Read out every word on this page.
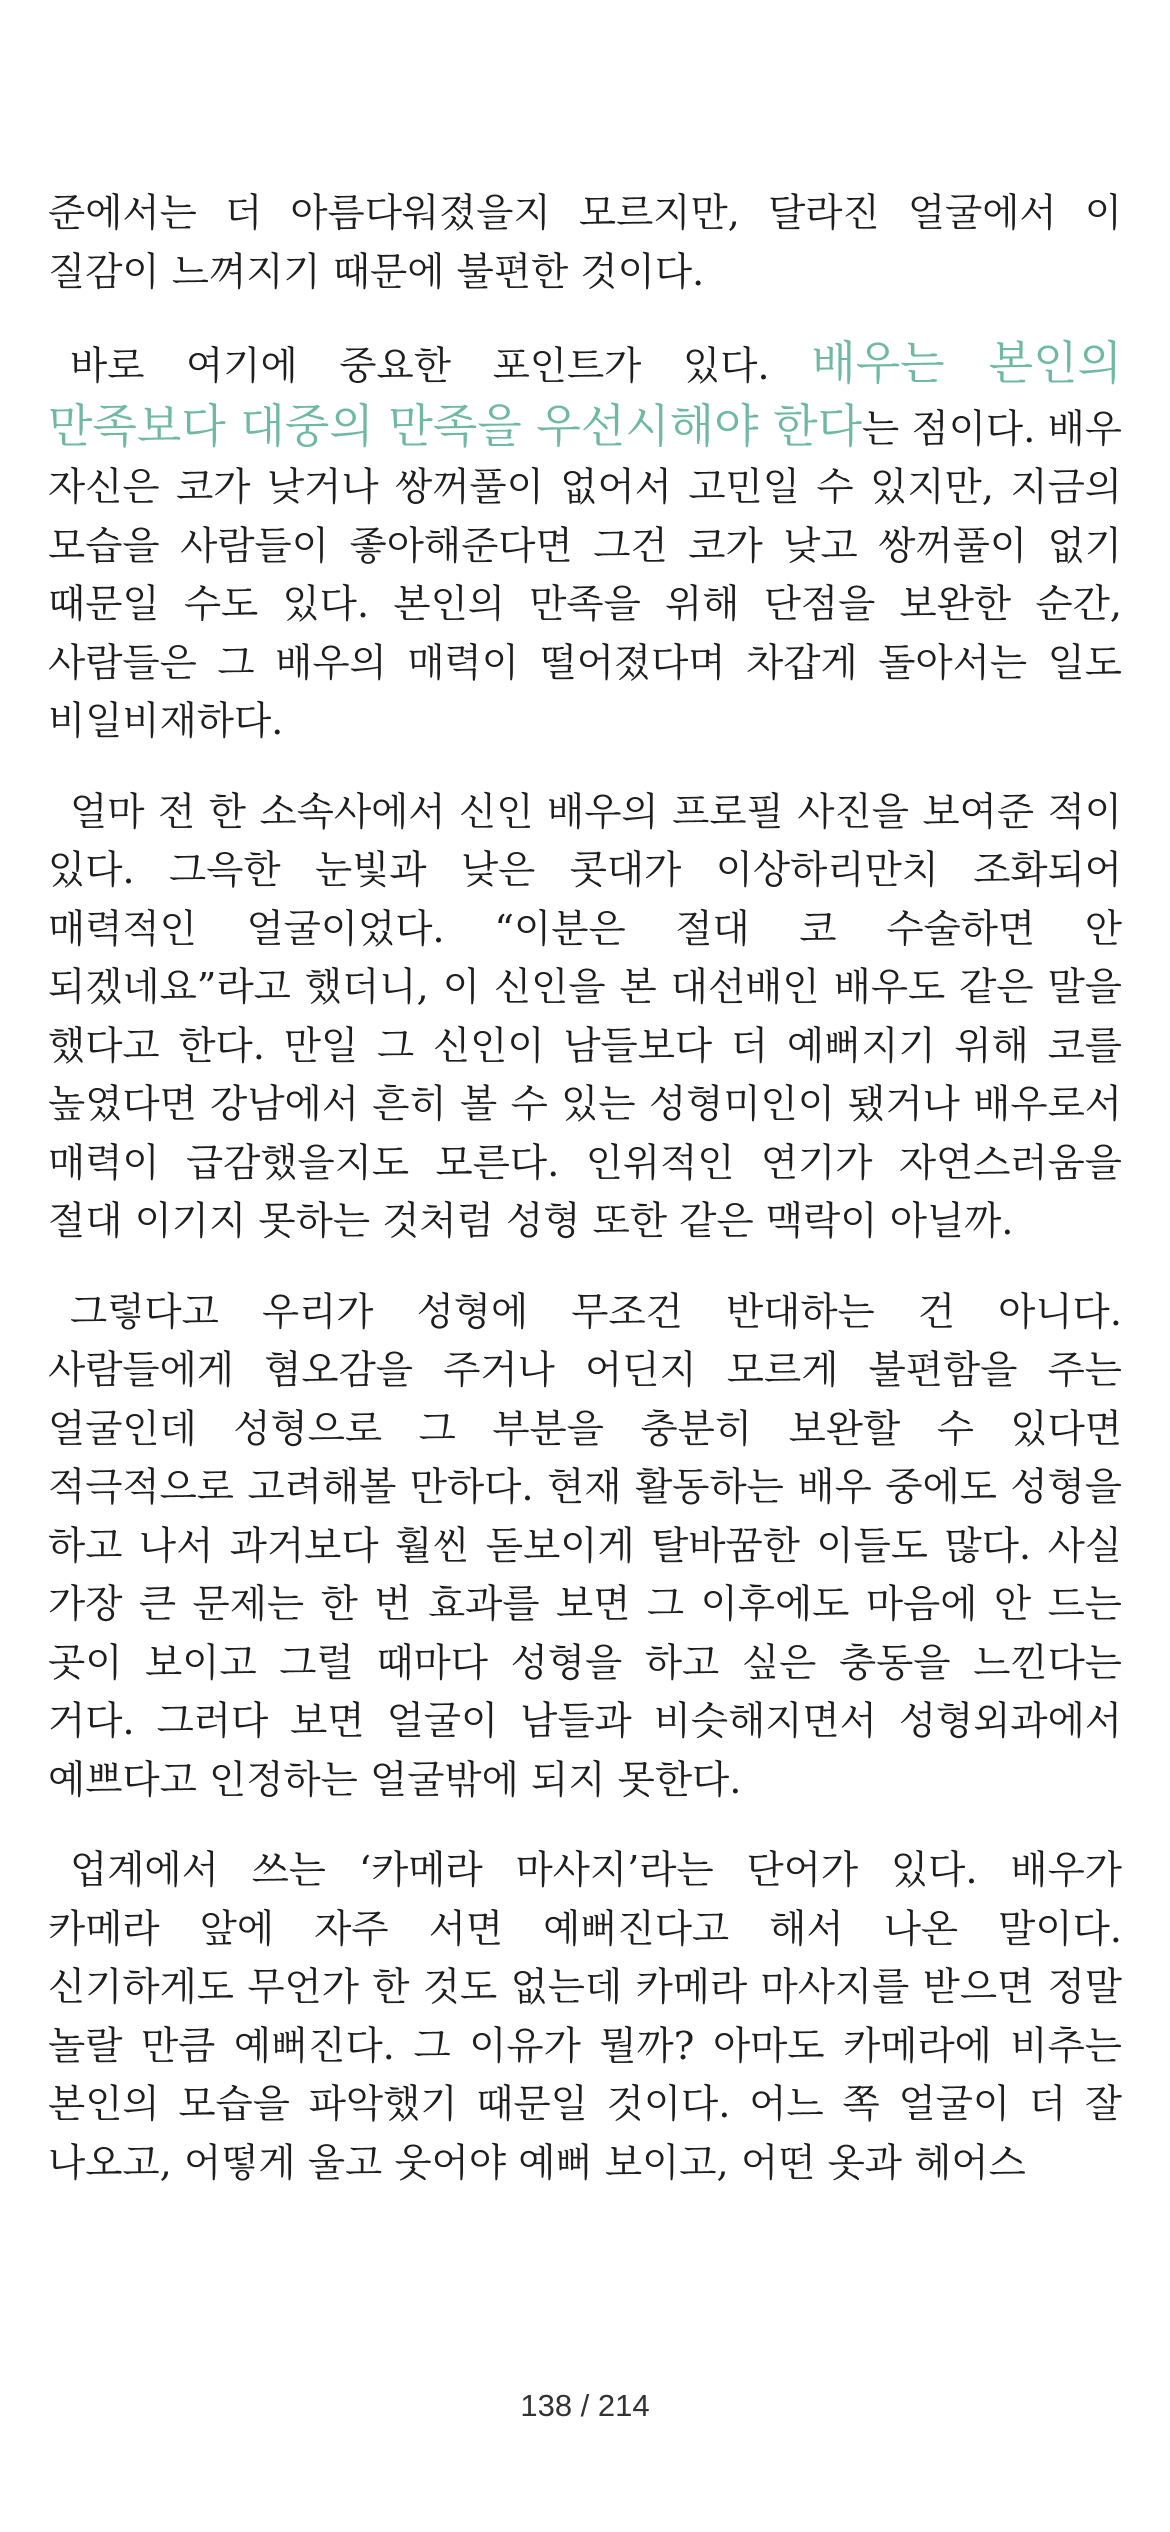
준에서는 더 아름다워졌을지 모르지만, 달라진 얼굴에서 이 질감이 느껴지기 때문에 불편한 것이다.

바로 여기에 중요한 포인트가 있다. 배우는 본인의 만족보다 대중의 만족을 우선시해야 한다는 점이다. 배우 자신은 코가 낮거나 쌍꺼풀이 없어서 고민일 수 있지만, 지금의 모습을 사람들이 좋아해준다면 그건 코가 낮고 쌍꺼풀이 없기 때문일 수도 있다. 본인의 만족을 위해 단점을 보완한 순간, 사람들은 그 배우의 매력이 떨어졌다며 차갑게 돌아서는 일도 비일비재하다.

얼마 전 한 소속사에서 신인 배우의 프로필 사진을 보여준 적이 있다. 그윽한 눈빛과 낮은 콧대가 이상하리만치 조화되어 매력적인 얼굴이었다. “이분은 절대 코 수술하면 안 되겠네요”라고 했더니, 이 신인을 본 대선배인 배우도 같은 말을 했다고 한다. 만일 그 신인이 남들보다 더 예뻐지기 위해 코를 높였다면 강남에서 흔히 볼 수 있는 성형미인이 됐거나 배우로서 매력이 급감했을지도 모른다. 인위적인 연기가 자연스러움을 절대 이기지 못하는 것처럼 성형 또한 같은 맥락이 아닐까.

그렇다고 우리가 성형에 무조건 반대하는 건 아니다. 사람들에게 혐오감을 주거나 어딘지 모르게 불편함을 주는 얼굴인데 성형으로 그 부분을 충분히 보완할 수 있다면 적극적으로 고려해볼 만하다. 현재 활동하는 배우 중에도 성형을 하고 나서 과거보다 훨씬 돋보이게 탈바꿈한 이들도 많다. 사실 가장 큰 문제는 한 번 효과를 보면 그 이후에도 마음에 안 드는 곳이 보이고 그럴 때마다 성형을 하고 싶은 충동을 느낀다는 거다. 그러다 보면 얼굴이 남들과 비슷해지면서 성형외과에서 예쁘다고 인정하는 얼굴밖에 되지 못한다.

업계에서 쓰는 ‘카메라 마사지’라는 단어가 있다. 배우가 카메라 앞에 자주 서면 예뻐진다고 해서 나온 말이다. 신기하게도 무언가 한 것도 없는데 카메라 마사지를 받으면 정말 놀랄 만큼 예뻐진다. 그 이유가 뭘까? 아마도 카메라에 비추는 본인의 모습을 파악했기 때문일 것이다. 어느 쪽 얼굴이 더 잘 나오고, 어떻게 울고 웃어야 예뻐 보이고, 어떤 옷과 헤어스

138 / 214
